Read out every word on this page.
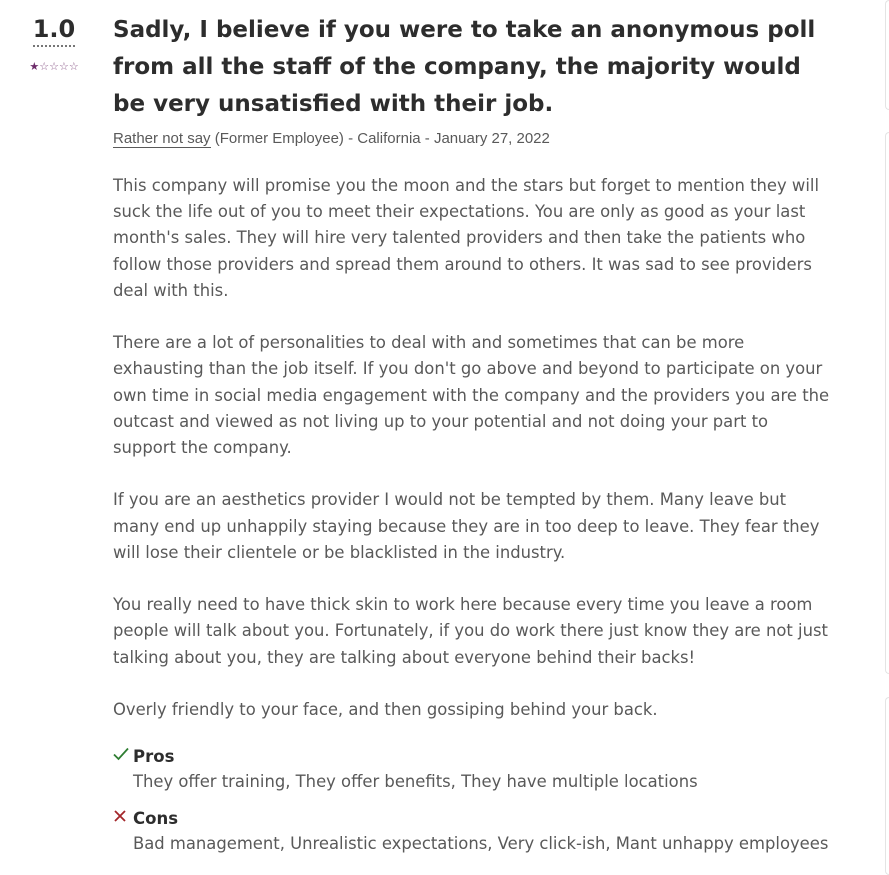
1.0
★☆☆☆☆
Sadly, I believe if you were to take an anonymous poll from all the staff of the company, the majority would be very unsatisfied with their job.
Rather not say (Former Employee) - California - January 27, 2022

This company will promise you the moon and the stars but forget to mention they will suck the life out of you to meet their expectations. You are only as good as your last month's sales. They will hire very talented providers and then take the patients who follow those providers and spread them around to others. It was sad to see providers deal with this.

There are a lot of personalities to deal with and sometimes that can be more exhausting than the job itself. If you don't go above and beyond to participate on your own time in social media engagement with the company and the providers you are the outcast and viewed as not living up to your potential and not doing your part to support the company.

If you are an aesthetics provider I would not be tempted by them. Many leave but many end up unhappily staying because they are in too deep to leave. They fear they will lose their clientele or be blacklisted in the industry.

You really need to have thick skin to work here because every time you leave a room people will talk about you. Fortunately, if you do work there just know they are not just talking about you, they are talking about everyone behind their backs!

Overly friendly to your face, and then gossiping behind your back.

Pros
They offer training, They offer benefits, They have multiple locations
Cons
Bad management, Unrealistic expectations, Very click-ish, Mant unhappy employees
